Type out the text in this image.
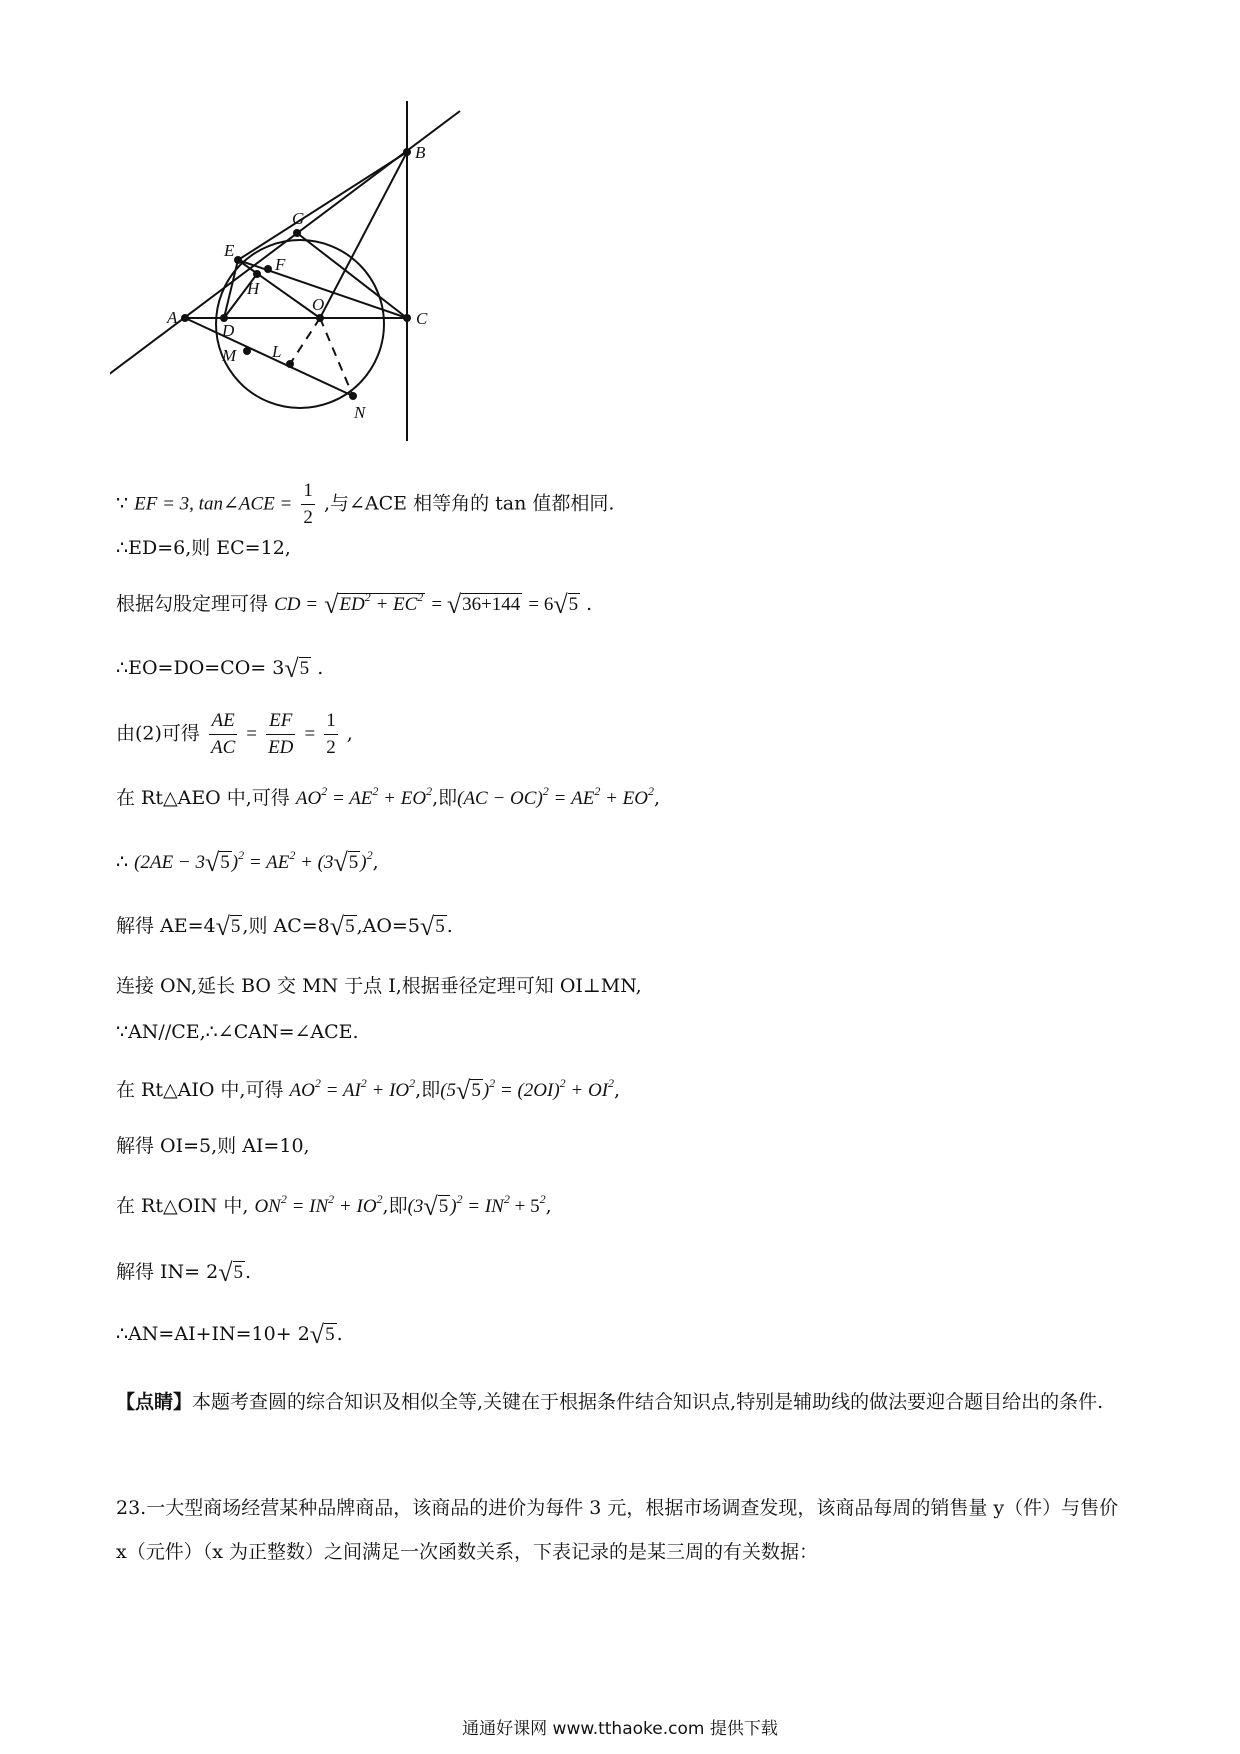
B
E
G
F
H
A
D
O
C
M L
N
∵ EF = 3, tan∠ACE = $\frac{1}{2}$ ,与∠ACE 相等角的 tan 值都相同.
∴ED=6,则 EC=12,
根据勾股定理可得 CD = $√ED^2 + EC^2 = √36+144 = 6√5$ .
∴EO=DO=CO= 3√5 .
由(2)可得 $\frac{AE}{AC} = \frac{EF}{ED} = \frac{1}{2}$ ,
在 Rt△AEO 中,可得 $AO^2 = AE^2 + EO^2$,即$(AC - OC)^2 = AE^2 + EO^2$,
∴ (2AE − 3√5 )$^2 = AE^2 + (3√5$ )$^2$,
解得 AE=4√5 ,则 AC=8√5 ,AO=5√5 .
连接 ON,延长 BO 交 MN 于点 I,根据垂径定理可知 OI⊥MN,
∵AN//CE,∴∠CAN=∠ACE.
在 Rt△AIO 中,可得 $AO^2 = AI^2 + IO^2$,即(5√5 )$^2 = (2OI)^2 + OI^2$,
解得 OI=5,则 AI=10,
在 Rt△OIN 中, $ON^2 = IN^2 + IO^2$,即(3√5 )$^2 = IN^2 + 5^2$,
解得 IN= 2√5 .
∴AN=AI+IN=10+ 2√5 .
【点睛】本题考查圆的综合知识及相似全等,关键在于根据条件结合知识点,特别是辅助线的做法要迎合题目给出的条件.
23.一大型商场经营某种品牌商品，该商品的进价为每件 3 元，根据市场调查发现，该商品每周的销售量 y（件）与售价 x（元件）（x 为正整数）之间满足一次函数关系，下表记录的是某三周的有关数据：
通通好课网 www.tthaoke.com 提供下载
